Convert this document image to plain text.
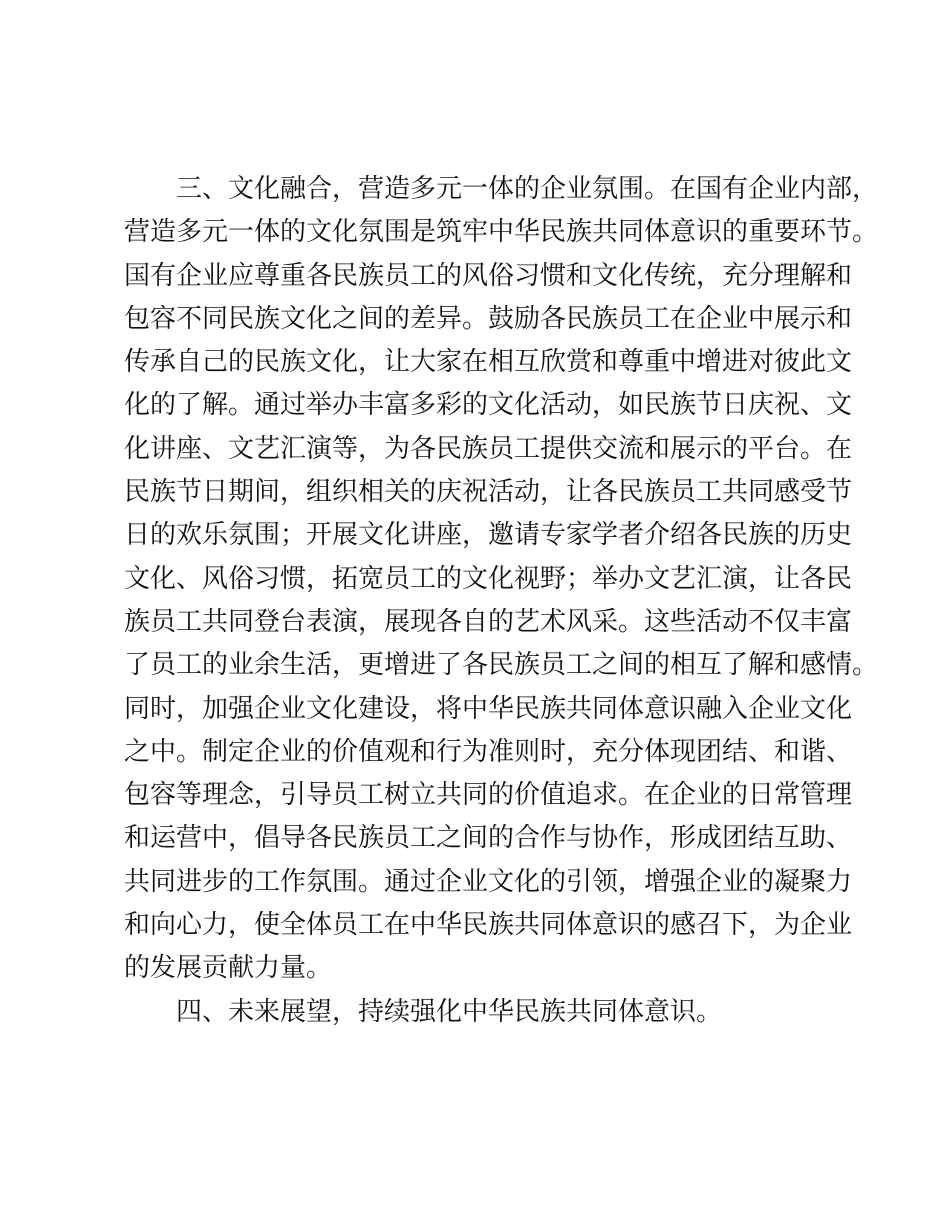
三、文化融合，营造多元一体的企业氛围。在国有企业内部，
营造多元一体的文化氛围是筑牢中华民族共同体意识的重要环节。
国有企业应尊重各民族员工的风俗习惯和文化传统，充分理解和
包容不同民族文化之间的差异。鼓励各民族员工在企业中展示和
传承自己的民族文化，让大家在相互欣赏和尊重中增进对彼此文
化的了解。通过举办丰富多彩的文化活动，如民族节日庆祝、文
化讲座、文艺汇演等，为各民族员工提供交流和展示的平台。在
民族节日期间，组织相关的庆祝活动，让各民族员工共同感受节
日的欢乐氛围；开展文化讲座，邀请专家学者介绍各民族的历史
文化、风俗习惯，拓宽员工的文化视野；举办文艺汇演，让各民
族员工共同登台表演，展现各自的艺术风采。这些活动不仅丰富
了员工的业余生活，更增进了各民族员工之间的相互了解和感情。
同时，加强企业文化建设，将中华民族共同体意识融入企业文化
之中。制定企业的价值观和行为准则时，充分体现团结、和谐、
包容等理念，引导员工树立共同的价值追求。在企业的日常管理
和运营中，倡导各民族员工之间的合作与协作，形成团结互助、
共同进步的工作氛围。通过企业文化的引领，增强企业的凝聚力
和向心力，使全体员工在中华民族共同体意识的感召下，为企业
的发展贡献力量。
四、未来展望，持续强化中华民族共同体意识。
